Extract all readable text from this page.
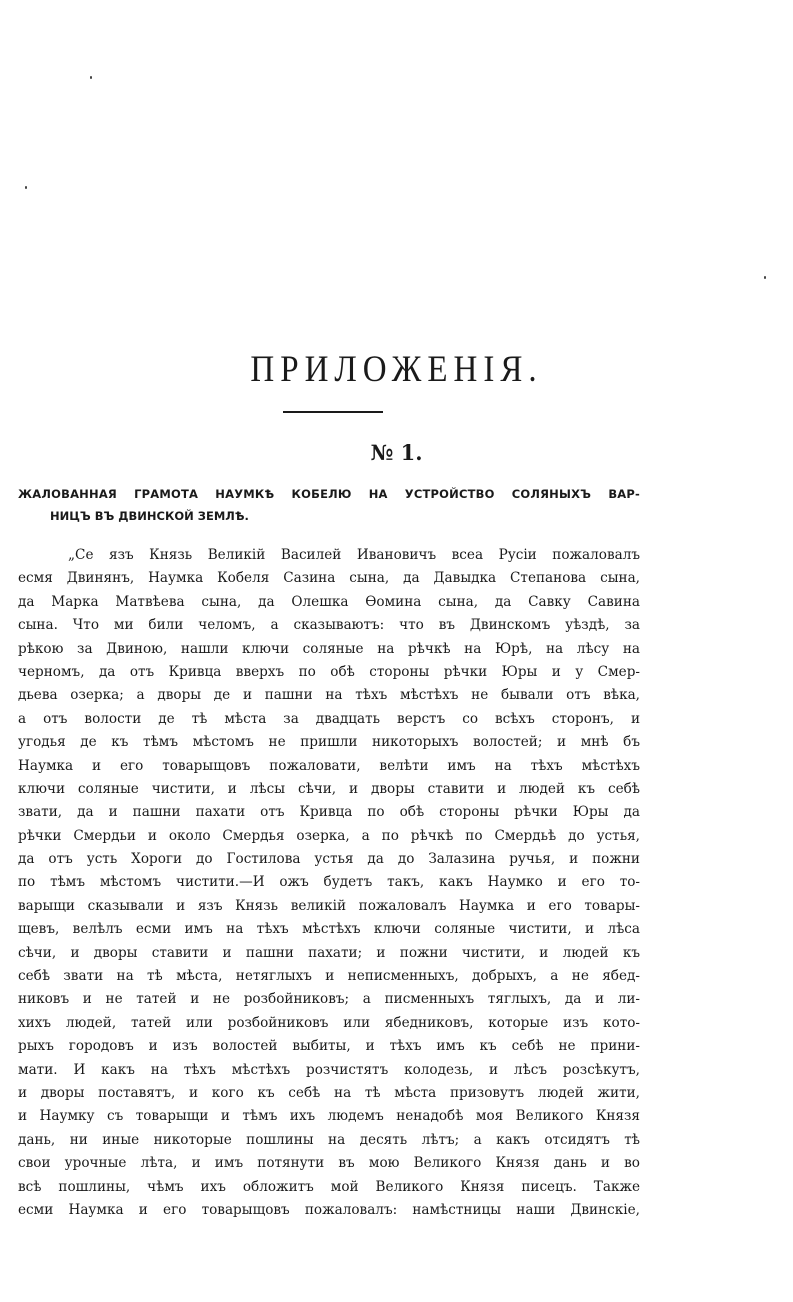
ПРИЛОЖЕНІЯ.
№ 1.
ЖАЛОВАННАЯ ГРАМОТА НАУМКѢ КОБЕЛЮ НА УСТРОЙСТВО СОЛЯНЫХЪ ВАР-
НИЦЪ ВЪ ДВИНСКОЙ ЗЕМЛѢ.
„Се язъ Князь Великій Василей Ивановичъ всеа Русіи пожаловалъ
есмя Двинянъ, Наумка Кобеля Сазина сына, да Давыдка Степанова сына,
да Марка Матвѣева сына, да Олешка Ѳомина сына, да Савку Савина
сына. Что ми били челомъ, а сказываютъ: что въ Двинскомъ уѣздѣ, за
рѣкою за Двиною, нашли ключи соляные на рѣчкѣ на Юрѣ, на лѣсу на
черномъ, да отъ Кривца вверхъ по обѣ стороны рѣчки Юры и у Смер-
дьева озерка; а дворы де и пашни на тѣхъ мѣстѣхъ не бывали отъ вѣка,
а отъ волости де тѣ мѣста за двадцать верстъ со всѣхъ сторонъ, и
угодья де къ тѣмъ мѣстомъ не пришли никоторыхъ волостей; и мнѣ бъ
Наумка и его товарыщовъ пожаловати, велѣти имъ на тѣхъ мѣстѣхъ
ключи соляные чистити, и лѣсы сѣчи, и дворы ставити и людей къ себѣ
звати, да и пашни пахати отъ Кривца по обѣ стороны рѣчки Юры да
рѣчки Смердьи и около Смердья озерка, а по рѣчкѣ по Смердьѣ до устья,
да отъ усть Хороги до Гостилова устья да до Залазина ручья, и пожни
по тѣмъ мѣстомъ чистити.—И ожъ будетъ такъ, какъ Наумко и его то-
варыщи сказывали и язъ Князь великій пожаловалъ Наумка и его товары-
щевъ, велѣлъ есми имъ на тѣхъ мѣстѣхъ ключи соляные чистити, и лѣса
сѣчи, и дворы ставити и пашни пахати; и пожни чистити, и людей къ
себѣ звати на тѣ мѣста, нетяглыхъ и неписменныхъ, добрыхъ, а не ябед-
никовъ и не татей и не розбойниковъ; а писменныхъ тяглыхъ, да и ли-
хихъ людей, татей или розбойниковъ или ябедниковъ, которые изъ кото-
рыхъ городовъ и изъ волостей выбиты, и тѣхъ имъ къ себѣ не прини-
мати. И какъ на тѣхъ мѣстѣхъ розчистятъ колодезь, и лѣсъ розсѣкутъ,
и дворы поставятъ, и кого къ себѣ на тѣ мѣста призовутъ людей жити,
и Наумку съ товарыщи и тѣмъ ихъ людемъ ненадобѣ моя Великого Князя
дань, ни иные никоторые пошлины на десять лѣтъ; а какъ отсидятъ тѣ
свои урочные лѣта, и имъ потянути въ мою Великого Князя дань и во
всѣ пошлины, чѣмъ ихъ обложитъ мой Великого Князя писецъ. Также
есми Наумка и его товарыщовъ пожаловалъ: намѣстницы наши Двинскіе,
